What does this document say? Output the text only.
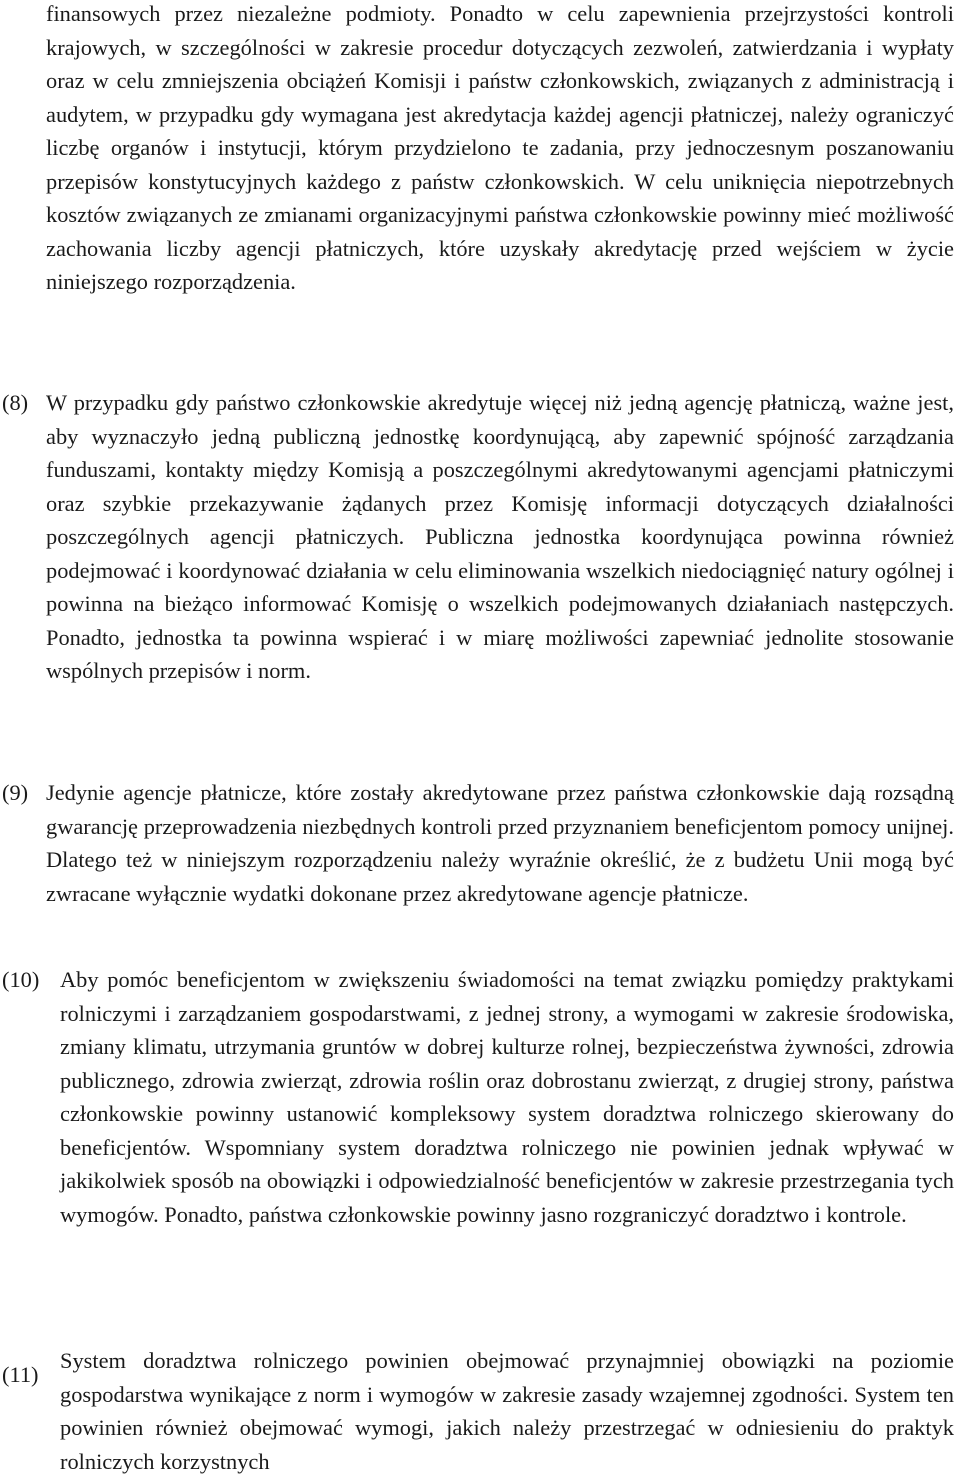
finansowych przez niezależne podmioty. Ponadto w celu zapewnienia przejrzystości kontroli krajowych, w szczególności w zakresie procedur dotyczących zezwoleń, zatwierdzania i wypłaty oraz w celu zmniejszenia obciążeń Komisji i państw członkowskich, związanych z administracją i audytem, w przypadku gdy wymagana jest akredytacja każdej agencji płatniczej, należy ograniczyć liczbę organów i instytucji, którym przydzielono te zadania, przy jednoczesnym poszanowaniu przepisów konstytucyjnych każdego z państw członkowskich. W celu uniknięcia niepotrzebnych kosztów związanych ze zmianami organizacyjnymi państwa członkowskie powinny mieć możliwość zachowania liczby agencji płatniczych, które uzyskały akredytację przed wejściem w życie niniejszego rozporządzenia.
(8) W przypadku gdy państwo członkowskie akredytuje więcej niż jedną agencję płatniczą, ważne jest, aby wyznaczyło jedną publiczną jednostkę koordynującą, aby zapewnić spójność zarządzania funduszami, kontakty między Komisją a poszczególnymi akredytowanymi agencjami płatniczymi oraz szybkie przekazywanie żądanych przez Komisję informacji dotyczących działalności poszczególnych agencji płatniczych. Publiczna jednostka koordynująca powinna również podejmować i koordynować działania w celu eliminowania wszelkich niedociągnięć natury ogólnej i powinna na bieżąco informować Komisję o wszelkich podejmowanych działaniach następczych. Ponadto, jednostka ta powinna wspierać i w miarę możliwości zapewniać jednolite stosowanie wspólnych przepisów i norm.
(9) Jedynie agencje płatnicze, które zostały akredytowane przez państwa członkowskie dają rozsądną gwarancję przeprowadzenia niezbędnych kontroli przed przyznaniem beneficjentom pomocy unijnej. Dlatego też w niniejszym rozporządzeniu należy wyraźnie określić, że z budżetu Unii mogą być zwracane wyłącznie wydatki dokonane przez akredytowane agencje płatnicze.
(10) Aby pomóc beneficjentom w zwiększeniu świadomości na temat związku pomiędzy praktykami rolniczymi i zarządzaniem gospodarstwami, z jednej strony, a wymogami w zakresie środowiska, zmiany klimatu, utrzymania gruntów w dobrej kulturze rolnej, bezpieczeństwa żywności, zdrowia publicznego, zdrowia zwierząt, zdrowia roślin oraz dobrostanu zwierząt, z drugiej strony, państwa członkowskie powinny ustanowić kompleksowy system doradztwa rolniczego skierowany do beneficjentów. Wspomniany system doradztwa rolniczego nie powinien jednak wpływać w jakikolwiek sposób na obowiązki i odpowiedzialność beneficjentów w zakresie przestrzegania tych wymogów. Ponadto, państwa członkowskie powinny jasno rozgraniczyć doradztwo i kontrole.
(11)
System doradztwa rolniczego powinien obejmować przynajmniej obowiązki na poziomie gospodarstwa wynikające z norm i wymogów w zakresie zasady wzajemnej zgodności. System ten powinien również obejmować wymogi, jakich należy przestrzegać w odniesieniu do praktyk rolniczych korzystnych
